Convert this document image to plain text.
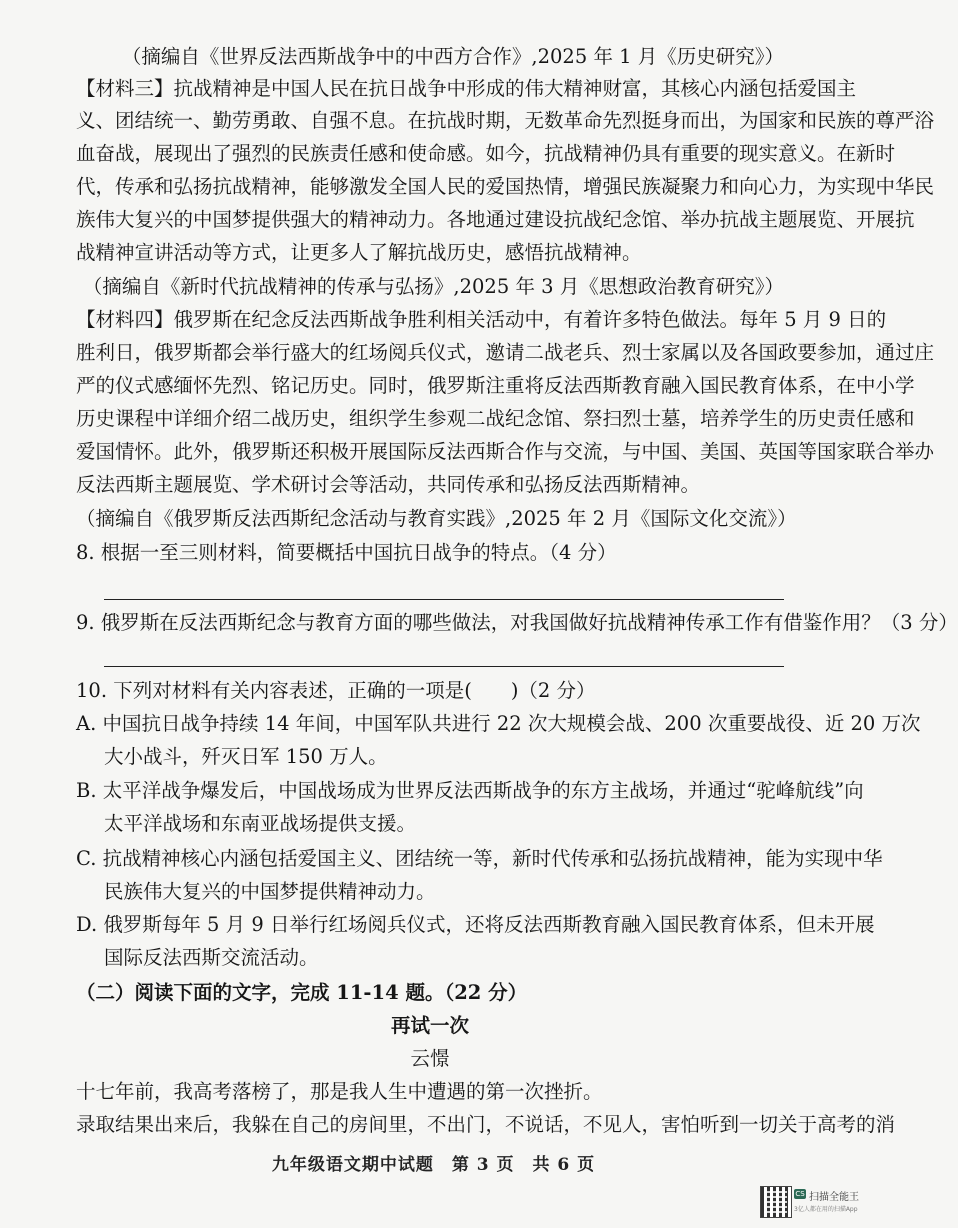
（摘编自《世界反法西斯战争中的中西方合作》,2025 年 1 月《历史研究》）
【材料三】抗战精神是中国人民在抗日战争中形成的伟大精神财富，其核心内涵包括爱国主
义、团结统一、勤劳勇敢、自强不息。在抗战时期，无数革命先烈挺身而出，为国家和民族的尊严浴
血奋战，展现出了强烈的民族责任感和使命感。如今，抗战精神仍具有重要的现实意义。在新时
代，传承和弘扬抗战精神，能够激发全国人民的爱国热情，增强民族凝聚力和向心力，为实现中华民
族伟大复兴的中国梦提供强大的精神动力。各地通过建设抗战纪念馆、举办抗战主题展览、开展抗
战精神宣讲活动等方式，让更多人了解抗战历史，感悟抗战精神。
（摘编自《新时代抗战精神的传承与弘扬》,2025 年 3 月《思想政治教育研究》）
【材料四】俄罗斯在纪念反法西斯战争胜利相关活动中，有着许多特色做法。每年 5 月 9 日的
胜利日，俄罗斯都会举行盛大的红场阅兵仪式，邀请二战老兵、烈士家属以及各国政要参加，通过庄
严的仪式感缅怀先烈、铭记历史。同时，俄罗斯注重将反法西斯教育融入国民教育体系，在中小学
历史课程中详细介绍二战历史，组织学生参观二战纪念馆、祭扫烈士墓，培养学生的历史责任感和
爱国情怀。此外，俄罗斯还积极开展国际反法西斯合作与交流，与中国、美国、英国等国家联合举办
反法西斯主题展览、学术研讨会等活动，共同传承和弘扬反法西斯精神。
（摘编自《俄罗斯反法西斯纪念活动与教育实践》,2025 年 2 月《国际文化交流》）
8. 根据一至三则材料，简要概括中国抗日战争的特点。（4 分）
9. 俄罗斯在反法西斯纪念与教育方面的哪些做法，对我国做好抗战精神传承工作有借鉴作用？（3 分）
10. 下列对材料有关内容表述，正确的一项是(　　)（2 分）
A. 中国抗日战争持续 14 年间，中国军队共进行 22 次大规模会战、200 次重要战役、近 20 万次
大小战斗，歼灭日军 150 万人。
B. 太平洋战争爆发后，中国战场成为世界反法西斯战争的东方主战场，并通过“驼峰航线”向
太平洋战场和东南亚战场提供支援。
C. 抗战精神核心内涵包括爱国主义、团结统一等，新时代传承和弘扬抗战精神，能为实现中华
民族伟大复兴的中国梦提供精神动力。
D. 俄罗斯每年 5 月 9 日举行红场阅兵仪式，还将反法西斯教育融入国民教育体系，但未开展
国际反法西斯交流活动。
（二）阅读下面的文字，完成 11-14 题。（22 分）
再试一次
云憬
十七年前，我高考落榜了，那是我人生中遭遇的第一次挫折。
录取结果出来后，我躲在自己的房间里，不出门，不说话，不见人，害怕听到一切关于高考的消
九年级语文期中试题　第 3 页　共 6 页
CS 扫描全能王
3亿人都在用的扫描App
